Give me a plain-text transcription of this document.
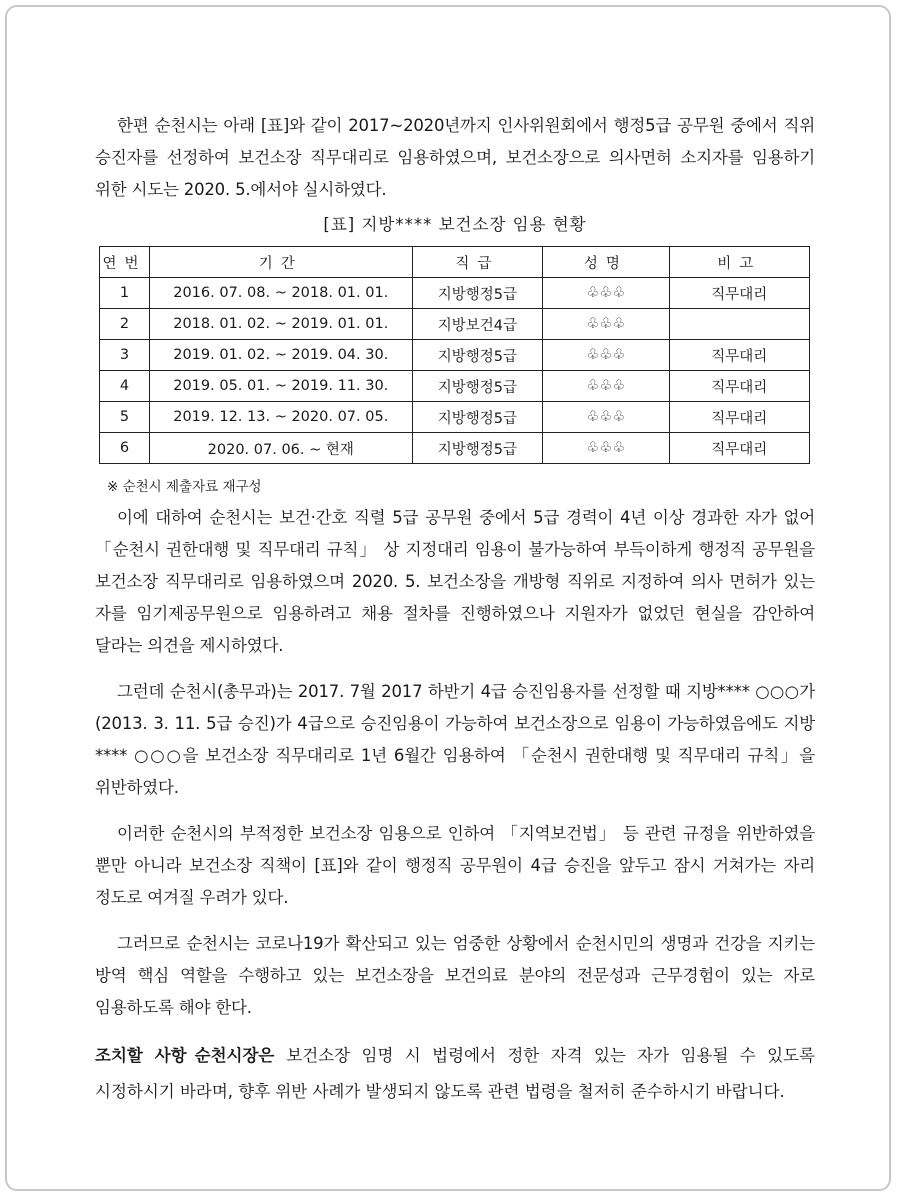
한편 순천시는 아래 [표]와 같이 2017~2020년까지 인사위원회에서 행정5급 공무원 중에서 직위 승진자를 선정하여 보건소장 직무대리로 임용하였으며, 보건소장으로 의사면허 소지자를 임용하기 위한 시도는 2020. 5.에서야 실시하였다.

[표] 지방**** 보건소장 임용 현황
연번	기간	직급	성명	비고
1	2016. 07. 08. ~ 2018. 01. 01.	지방행정5급	♧♧♧	직무대리
2	2018. 01. 02. ~ 2019. 01. 01.	지방보건4급	♧♧♧	
3	2019. 01. 02. ~ 2019. 04. 30.	지방행정5급	♧♧♧	직무대리
4	2019. 05. 01. ~ 2019. 11. 30.	지방행정5급	♧♧♧	직무대리
5	2019. 12. 13. ~ 2020. 07. 05.	지방행정5급	♧♧♧	직무대리
6	2020. 07. 06. ~ 현재	지방행정5급	♧♧♧	직무대리
※ 순천시 제출자료 재구성

이에 대하여 순천시는 보건·간호 직렬 5급 공무원 중에서 5급 경력이 4년 이상 경과한 자가 없어 「순천시 권한대행 및 직무대리 규칙」 상 지정대리 임용이 불가능하여 부득이하게 행정직 공무원을 보건소장 직무대리로 임용하였으며 2020. 5. 보건소장을 개방형 직위로 지정하여 의사 면허가 있는 자를 임기제공무원으로 임용하려고 채용 절차를 진행하였으나 지원자가 없었던 현실을 감안하여 달라는 의견을 제시하였다.

그런데 순천시(총무과)는 2017. 7월 2017 하반기 4급 승진임용자를 선정할 때 지방**** ○○○가(2013. 3. 11. 5급 승진)가 4급으로 승진임용이 가능하여 보건소장으로 임용이 가능하였음에도 지방**** ○○○을 보건소장 직무대리로 1년 6월간 임용하여 「순천시 권한대행 및 직무대리 규칙」을 위반하였다.

이러한 순천시의 부적정한 보건소장 임용으로 인하여 「지역보건법」 등 관련 규정을 위반하였을 뿐만 아니라 보건소장 직책이 [표]와 같이 행정직 공무원이 4급 승진을 앞두고 잠시 거쳐가는 자리 정도로 여겨질 우려가 있다.

그러므로 순천시는 코로나19가 확산되고 있는 엄중한 상황에서 순천시민의 생명과 건강을 지키는 방역 핵심 역할을 수행하고 있는 보건소장을 보건의료 분야의 전문성과 근무경험이 있는 자로 임용하도록 해야 한다.

조치할 사항 순천시장은 보건소장 임명 시 법령에서 정한 자격 있는 자가 임용될 수 있도록 시정하시기 바라며, 향후 위반 사례가 발생되지 않도록 관련 법령을 철저히 준수하시기 바랍니다.
